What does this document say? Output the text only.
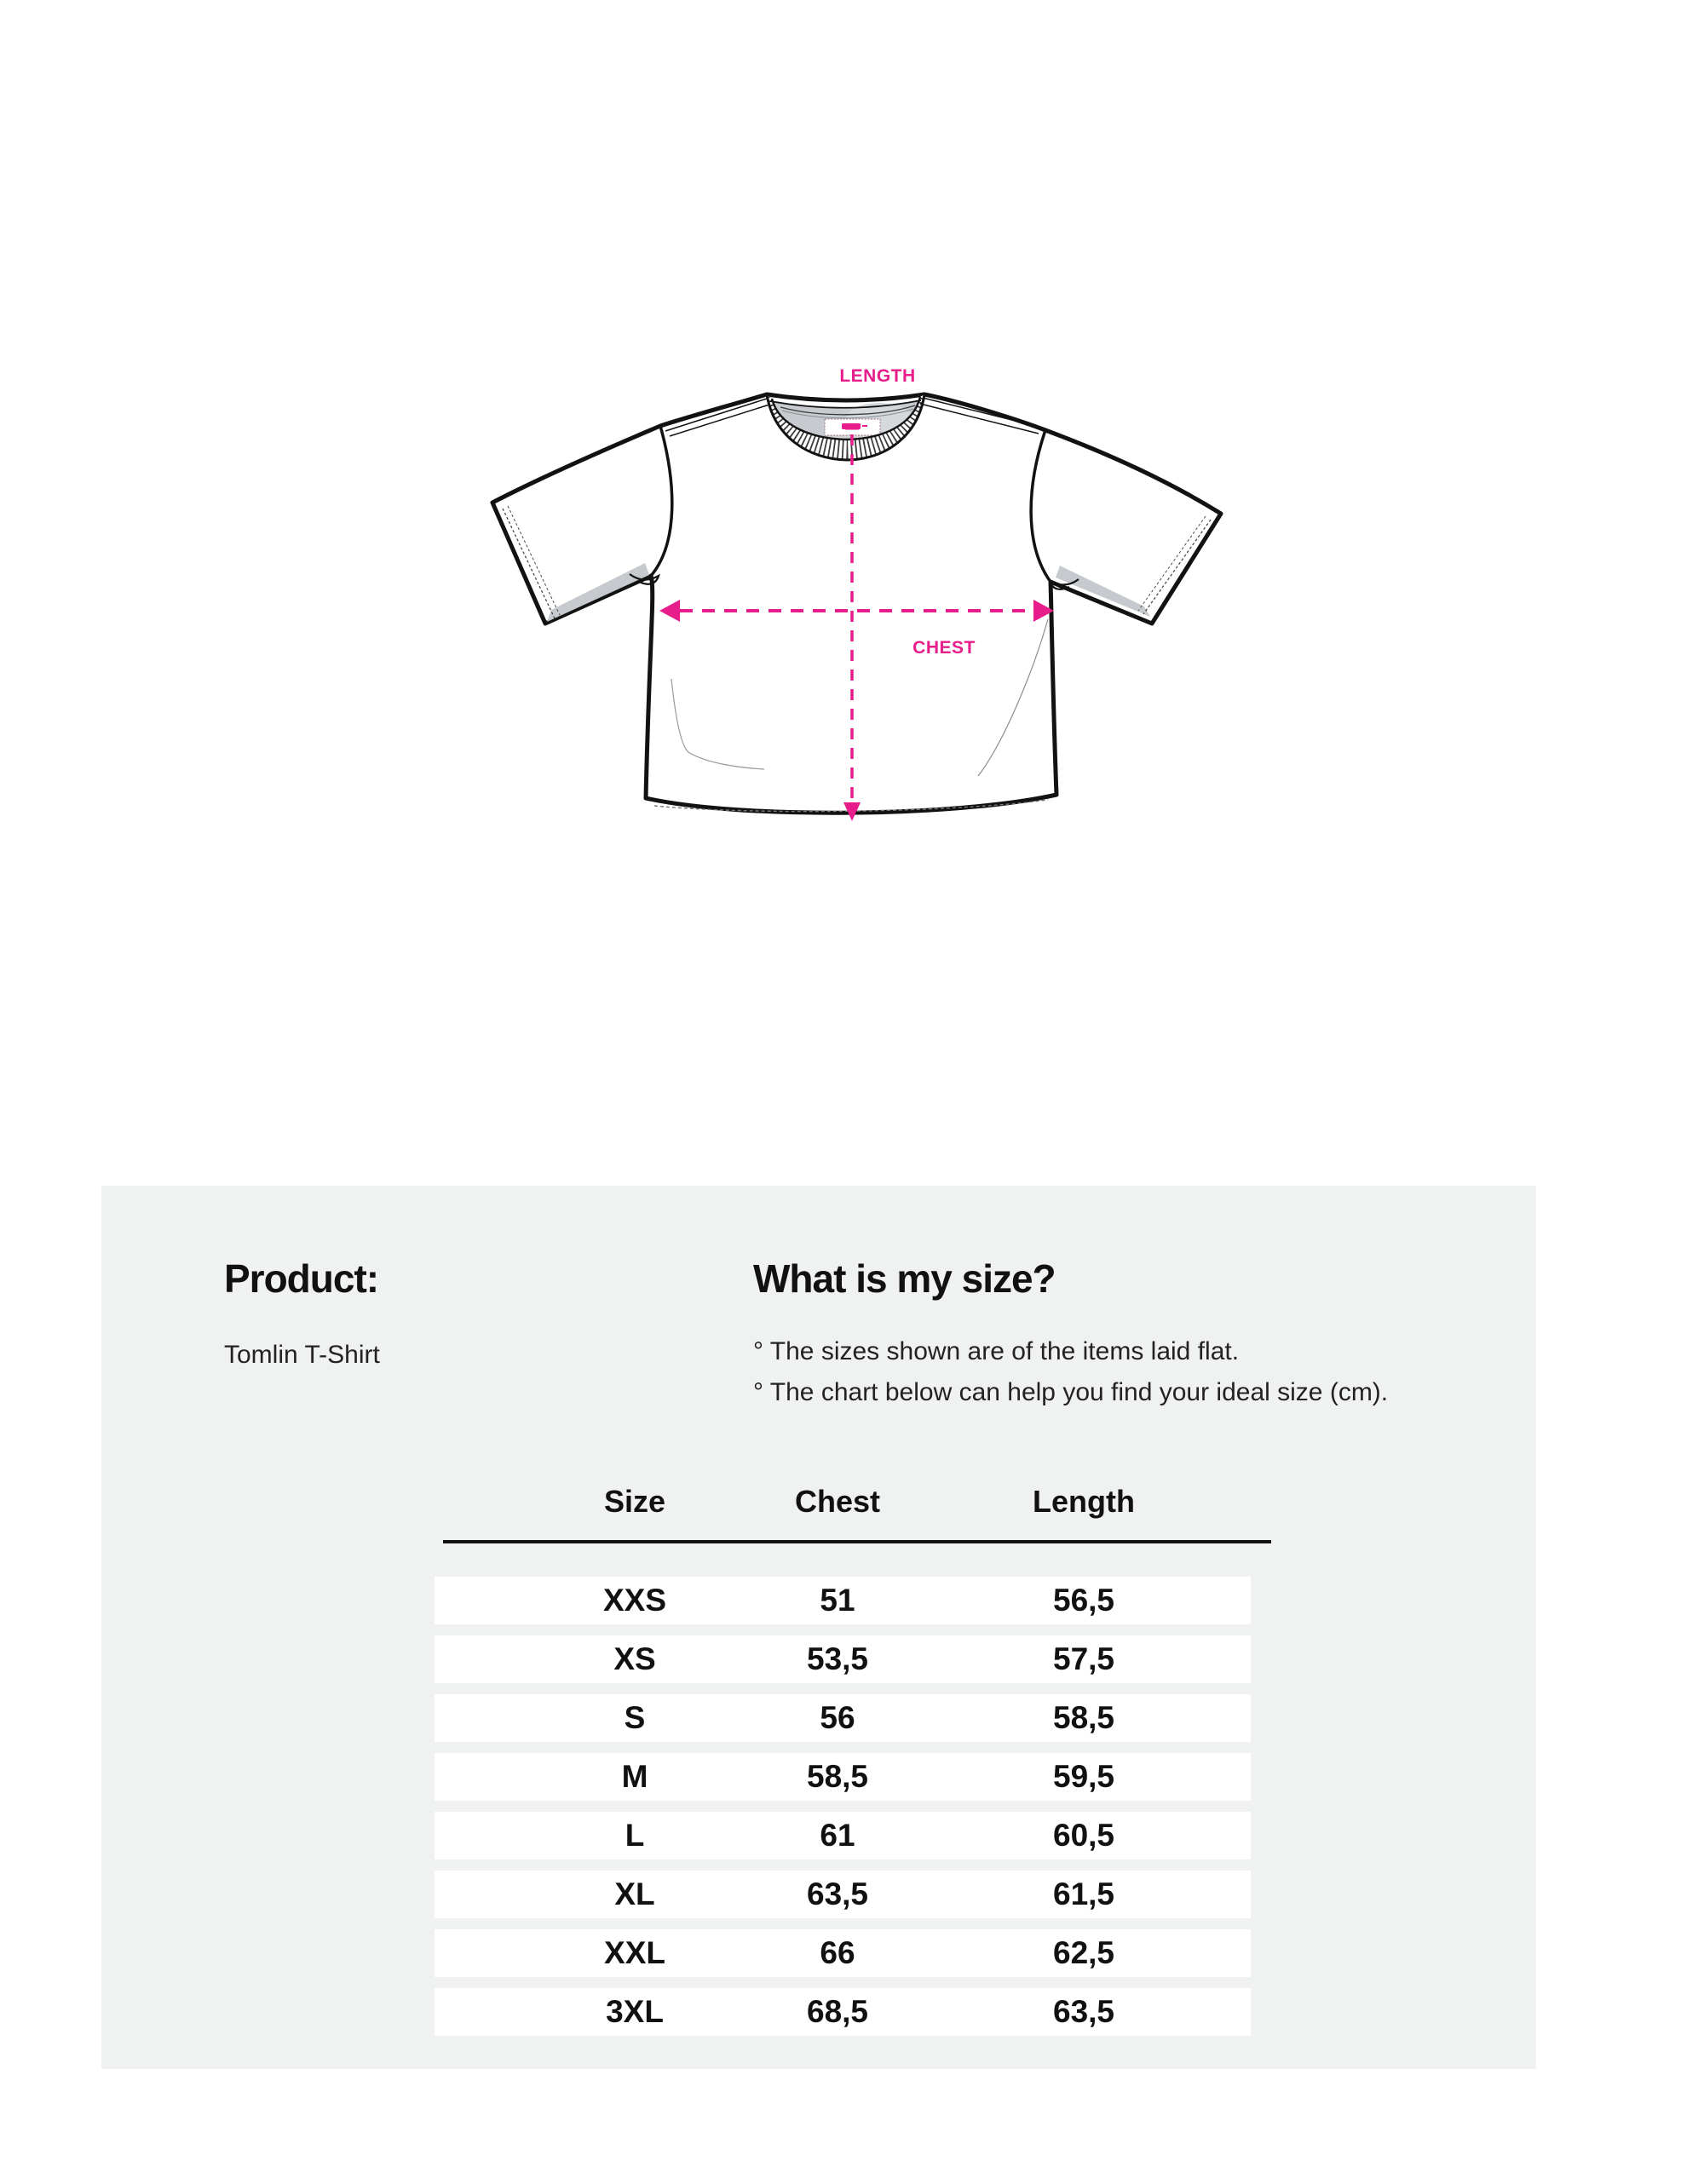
LENGTH
CHEST
Product:	What is my size?
Tomlin T-Shirt	° The sizes shown are of the items laid flat.
° The chart below can help you find your ideal size (cm).
Size	Chest	Length
XXS	51	56,5
XS	53,5	57,5
S	56	58,5
M	58,5	59,5
L	61	60,5
XL	63,5	61,5
XXL	66	62,5
3XL	68,5	63,5
